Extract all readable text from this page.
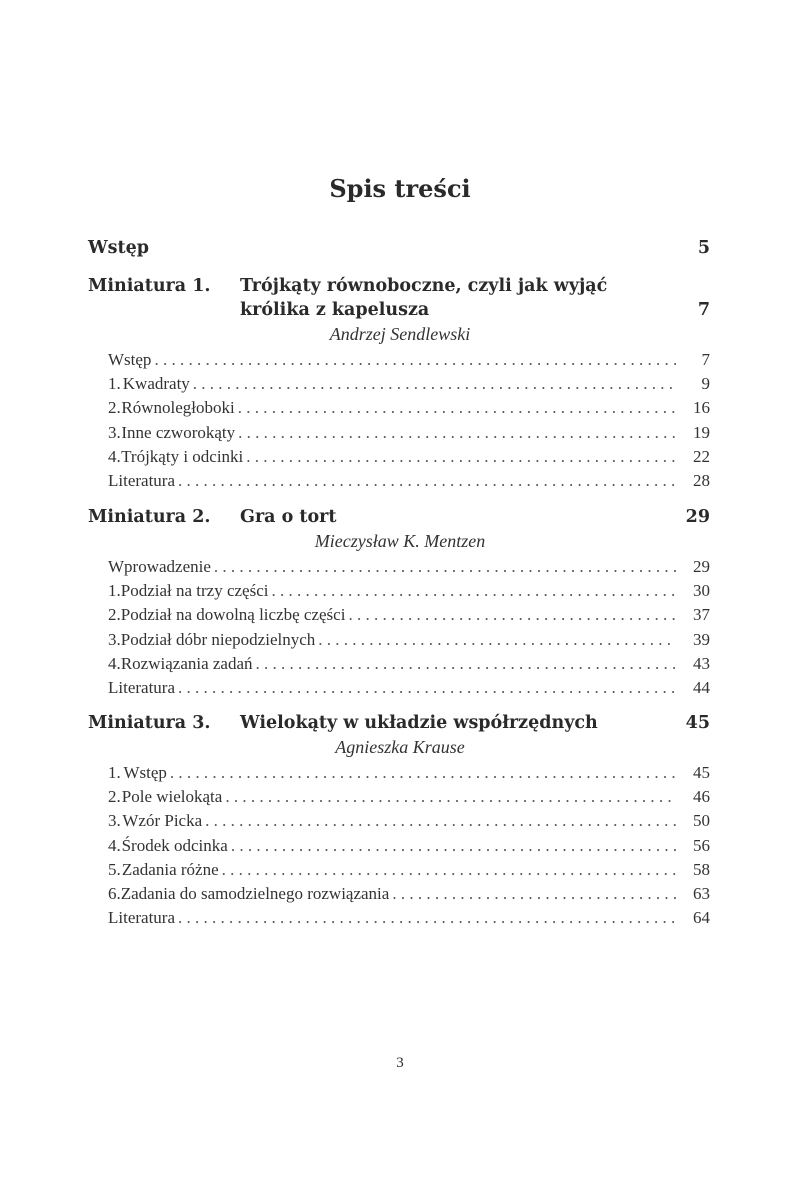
Spis treści
Wstęp	5
Miniatura 1.	Trójkąty równoboczne, czyli jak wyjąć
królika z kapelusza	7
Andrzej Sendlewski
Wstęp . . .	7
1. Kwadraty . . .	9
2. Równoległoboki . . .	16
3. Inne czworokąty . . .	19
4. Trójkąty i odcinki . . .	22
Literatura . . .	28
Miniatura 2.	Gra o tort	29
Mieczysław K. Mentzen
Wprowadzenie . . .	29
1. Podział na trzy części . . .	30
2. Podział na dowolną liczbę części . . .	37
3. Podział dóbr niepodzielnych . . .	39
4. Rozwiązania zadań . . .	43
Literatura . . .	44
Miniatura 3.	Wielokąty w układzie współrzędnych	45
Agnieszka Krause
1. Wstęp . . .	45
2. Pole wielokąta . . .	46
3. Wzór Picka . . .	50
4. Środek odcinka . . .	56
5. Zadania różne . . .	58
6. Zadania do samodzielnego rozwiązania . . .	63
Literatura . . .	64
3
